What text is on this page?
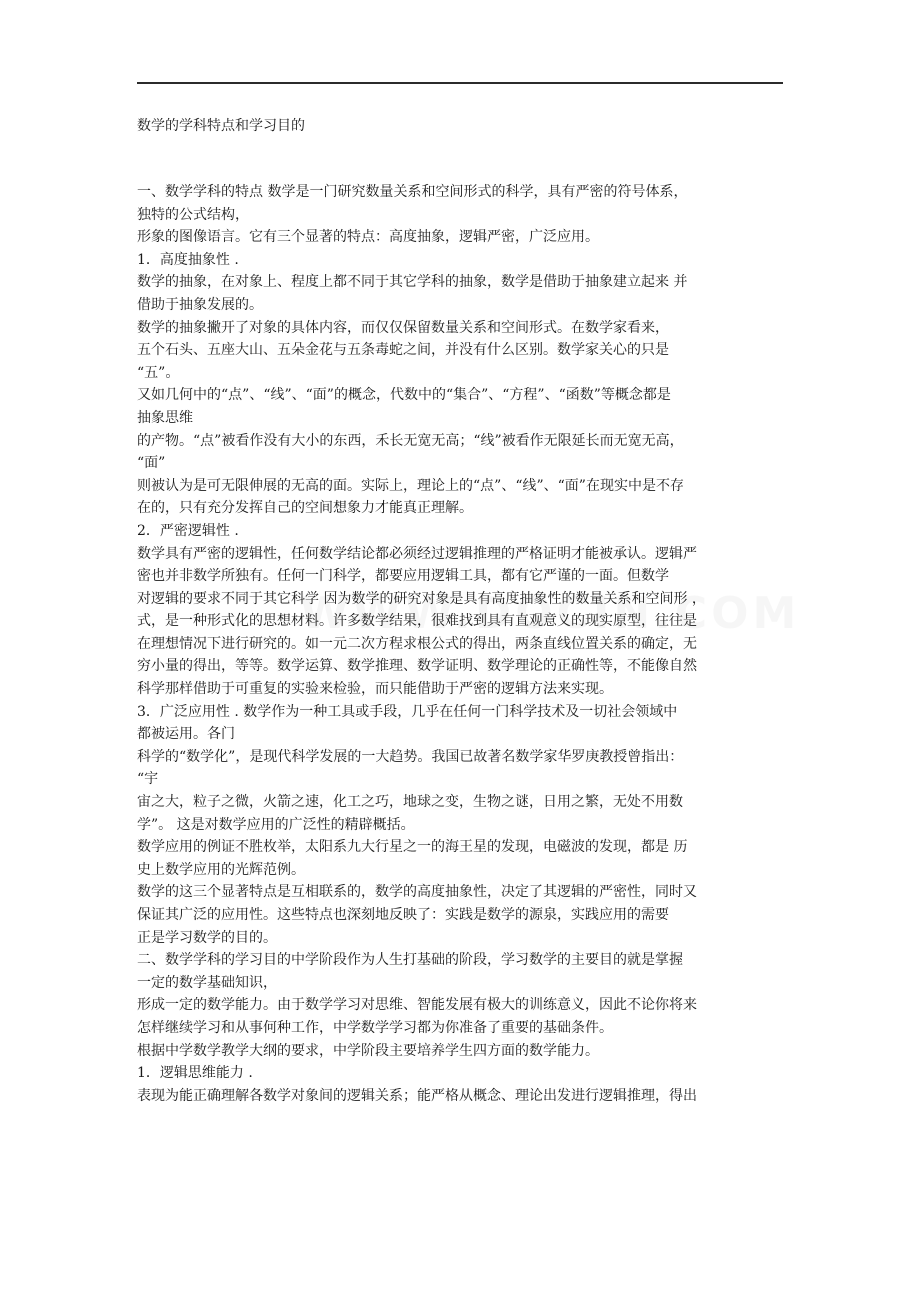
数学的学科特点和学习目的
一、数学学科的特点 数学是一门研究数量关系和空间形式的科学，具有严密的符号体系，
独特的公式结构，
形象的图像语言。它有三个显著的特点：高度抽象，逻辑严密，广泛应用。
1．高度抽象性 .
数学的抽象，在对象上、程度上都不同于其它学科的抽象，数学是借助于抽象建立起来 并
借助于抽象发展的。
数学的抽象撇开了对象的具体内容，而仅仅保留数量关系和空间形式。在数学家看来，
五个石头、五座大山、五朵金花与五条毒蛇之间，并没有什么区别。数学家关心的只是
“五”。
又如几何中的“点”、“线”、“面”的概念，代数中的“集合”、“方程”、“函数”等概念都是
抽象思维
的产物。“点”被看作没有大小的东西，禾长无宽无高；“线”被看作无限延长而无宽无高，
“面”
则被认为是可无限伸展的无高的面。实际上，理论上的“点”、“线”、“面”在现实中是不存
在的，只有充分发挥自己的空间想象力才能真正理解。
2．严密逻辑性 .
数学具有严密的逻辑性，任何数学结论都必须经过逻辑推理的严格证明才能被承认。逻辑严
密也并非数学所独有。任何一门科学，都要应用逻辑工具，都有它严谨的一面。但数学
对逻辑的要求不同于其它科学 因为数学的研究对象是具有高度抽象性的数量关系和空间形 ，
式，是一种形式化的思想材料。许多数学结果，很难找到具有直观意义的现实原型，往往是
在理想情况下进行研究的。如一元二次方程求根公式的得出，两条直线位置关系的确定，无
穷小量的得出，等等。数学运算、数学推理、数学证明、数学理论的正确性等，不能像自然
科学那样借助于可重复的实验来检验，而只能借助于严密的逻辑方法来实现。
3．广泛应用性 . 数学作为一种工具或手段，几乎在任何一门科学技术及一切社会领域中
都被运用。各门
科学的“数学化”，是现代科学发展的一大趋势。我国已故著名数学家华罗庚教授曾指出：
“宇
宙之大，粒子之微，火箭之速，化工之巧，地球之变，生物之谜，日用之繁，无处不用数
学”。 这是对数学应用的广泛性的精辟概括。
数学应用的例证不胜枚举，太阳系九大行星之一的海王星的发现，电磁波的发现，都是 历
史上数学应用的光辉范例。
数学的这三个显著特点是互相联系的，数学的高度抽象性，决定了其逻辑的严密性，同时又
保证其广泛的应用性。这些特点也深刻地反映了：实践是数学的源泉，实践应用的需要
正是学习数学的目的。
二、数学学科的学习目的中学阶段作为人生打基础的阶段，学习数学的主要目的就是掌握
一定的数学基础知识，
形成一定的数学能力。由于数学学习对思维、智能发展有极大的训练意义，因此不论你将来
怎样继续学习和从事何种工作，中学数学学习都为你准备了重要的基础条件。
根据中学数学教学大纲的要求，中学阶段主要培养学生四方面的数学能力。
1．逻辑思维能力 .
表现为能正确理解各数学对象间的逻辑关系；能严格从概念、理论出发进行逻辑推理，得出
